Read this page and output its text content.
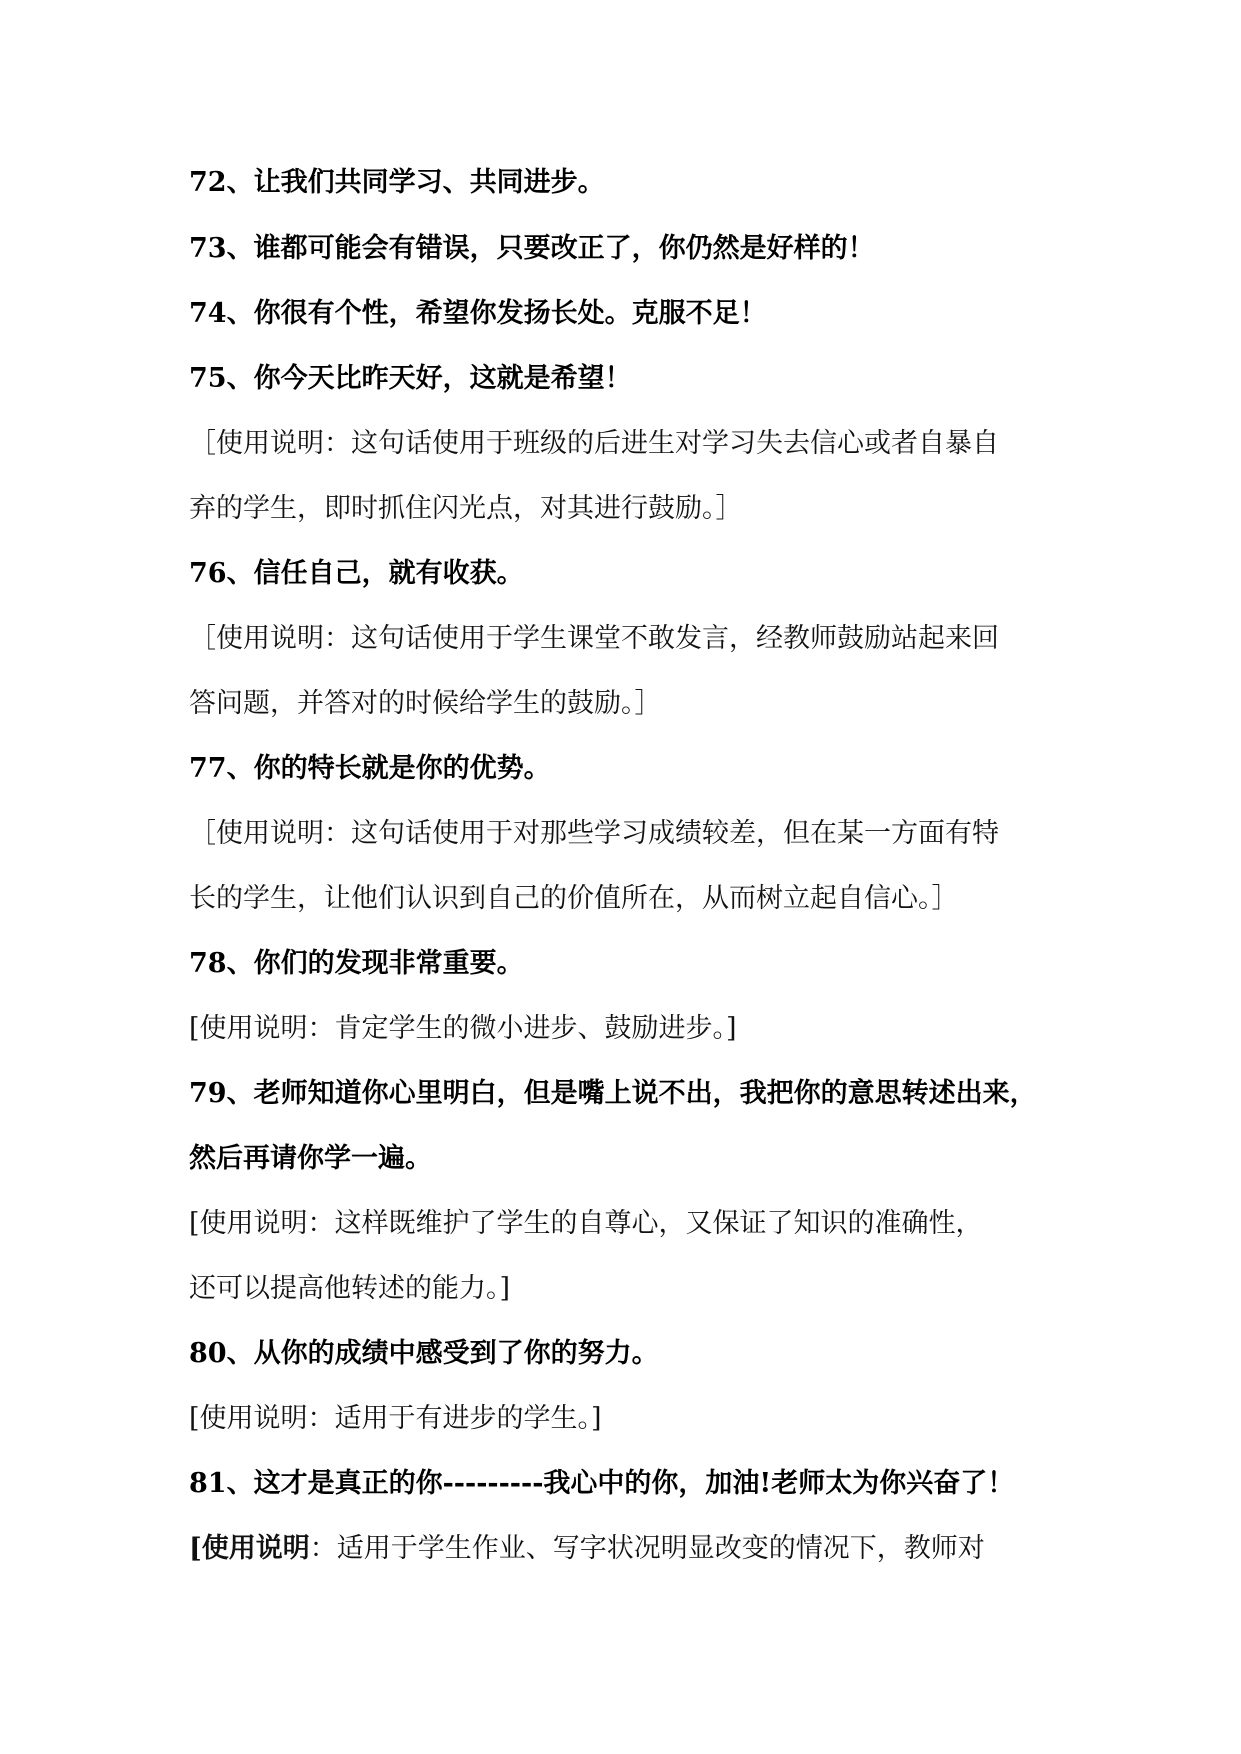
72、让我们共同学习、共同进步。
73、谁都可能会有错误，只要改正了，你仍然是好样的！
74、你很有个性，希望你发扬长处。克服不足！
75、你今天比昨天好，这就是希望！
［使用说明：这句话使用于班级的后进生对学习失去信心或者自暴自
弃的学生，即时抓住闪光点，对其进行鼓励。］
76、信任自己，就有收获。
［使用说明：这句话使用于学生课堂不敢发言，经教师鼓励站起来回
答问题，并答对的时候给学生的鼓励。］
77、你的特长就是你的优势。
［使用说明：这句话使用于对那些学习成绩较差，但在某一方面有特
长的学生，让他们认识到自己的价值所在，从而树立起自信心。］
78、你们的发现非常重要。
[使用说明：肯定学生的微小进步、鼓励进步。]
79、老师知道你心里明白，但是嘴上说不出，我把你的意思转述出来，
然后再请你学一遍。
[使用说明：这样既维护了学生的自尊心，又保证了知识的准确性，
还可以提高他转述的能力。]
80、从你的成绩中感受到了你的努力。
[使用说明：适用于有进步的学生。]
81、这才是真正的你---------我心中的你，加油!老师太为你兴奋了！
[使用说明：适用于学生作业、写字状况明显改变的情况下，教师对
